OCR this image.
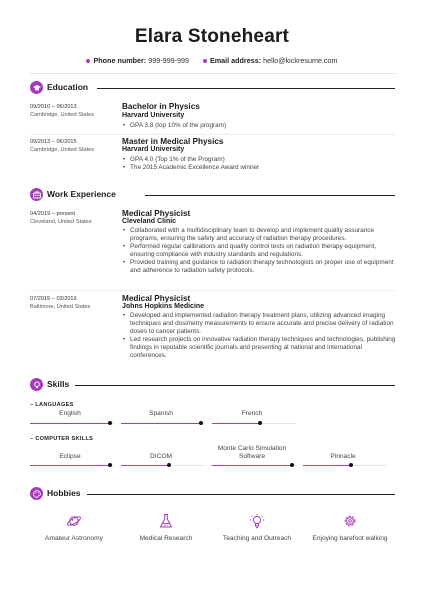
Elara Stoneheart
Phone number: 999-999-999	Email address: hello@kickresume.com
Education
09/2010 – 06/2013
Cambridge, United States
Bachelor in Physics
Harvard University
• GPA 3.8 (top 10% of the program)
09/2013 – 06/2015
Cambridge, United States
Master in Medical Physics
Harvard University
• GPA 4.0 (Top 1% of the Program)
• The 2015 Academic Excellence Award winner
Work Experience
04/2019 – present
Cleveland, United States
Medical Physicist
Cleveland Clinic
• Collaborated with a multidisciplinary team to develop and implement quality assurance programs, ensuring the safety and accuracy of radiation therapy procedures.
• Performed regular calibrations and quality control tests on radiation therapy equipment, ensuring compliance with industry standards and regulations.
• Provided training and guidance to radiation therapy technologists on proper use of equipment and adherence to radiation safety protocols.
07/2015 – 03/2019
Baltimore, United States
Medical Physicist
Johns Hopkins Medicine
• Developed and implemented radiation therapy treatment plans, utilizing advanced imaging techniques and dosimetry measurements to ensure accurate and precise delivery of radiation doses to cancer patients.
• Led research projects on innovative radiation therapy techniques and technologies, publishing findings in reputable scientific journals and presenting at national and international conferences.
Skills
– LANGUAGES
English	Spanish	French
– COMPUTER SKILLS
Eclipse	DICOM
Monte Carlo Simulation Software	Pinnacle
Hobbies
Amateur Astronomy	Medical Research	Teaching and Outreach	Enjoying barefoot walking
